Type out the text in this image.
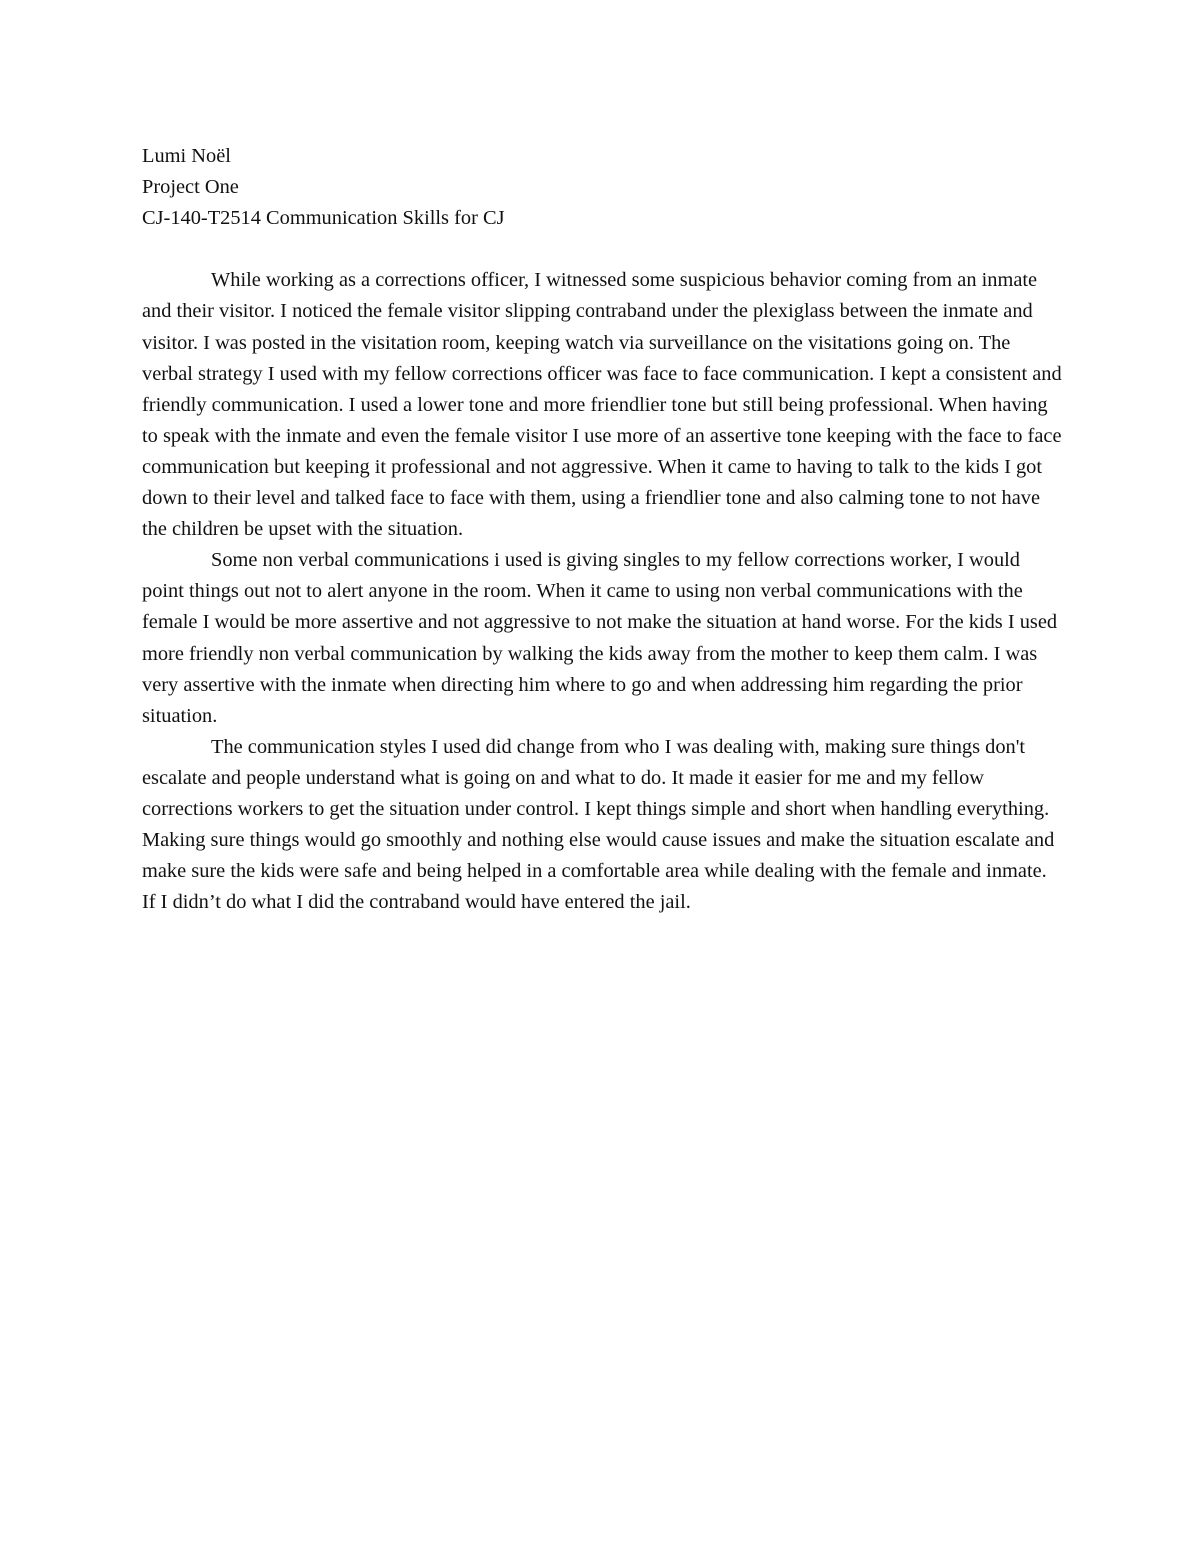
Lumi Noël
Project One
CJ-140-T2514 Communication Skills for CJ

While working as a corrections officer, I witnessed some suspicious behavior coming from an inmate and their visitor. I noticed the female visitor slipping contraband under the plexiglass between the inmate and visitor. I was posted in the visitation room, keeping watch via surveillance on the visitations going on. The verbal strategy I used with my fellow corrections officer was face to face communication. I kept a consistent and friendly communication. I used a lower tone and more friendlier tone but still being professional. When having to speak with the inmate and even the female visitor I use more of an assertive tone keeping with the face to face communication but keeping it professional and not aggressive. When it came to having to talk to the kids I got down to their level and talked face to face with them, using a friendlier tone and also calming tone to not have the children be upset with the situation.

Some non verbal communications i used is giving singles to my fellow corrections worker, I would point things out not to alert anyone in the room. When it came to using non verbal communications with the female I would be more assertive and not aggressive to not make the situation at hand worse. For the kids I used more friendly non verbal communication by walking the kids away from the mother to keep them calm. I was very assertive with the inmate when directing him where to go and when addressing him regarding the prior situation.

The communication styles I used did change from who I was dealing with, making sure things don't escalate and people understand what is going on and what to do. It made it easier for me and my fellow corrections workers to get the situation under control. I kept things simple and short when handling everything. Making sure things would go smoothly and nothing else would cause issues and make the situation escalate and make sure the kids were safe and being helped in a comfortable area while dealing with the female and inmate. If I didn’t do what I did the contraband would have entered the jail.
